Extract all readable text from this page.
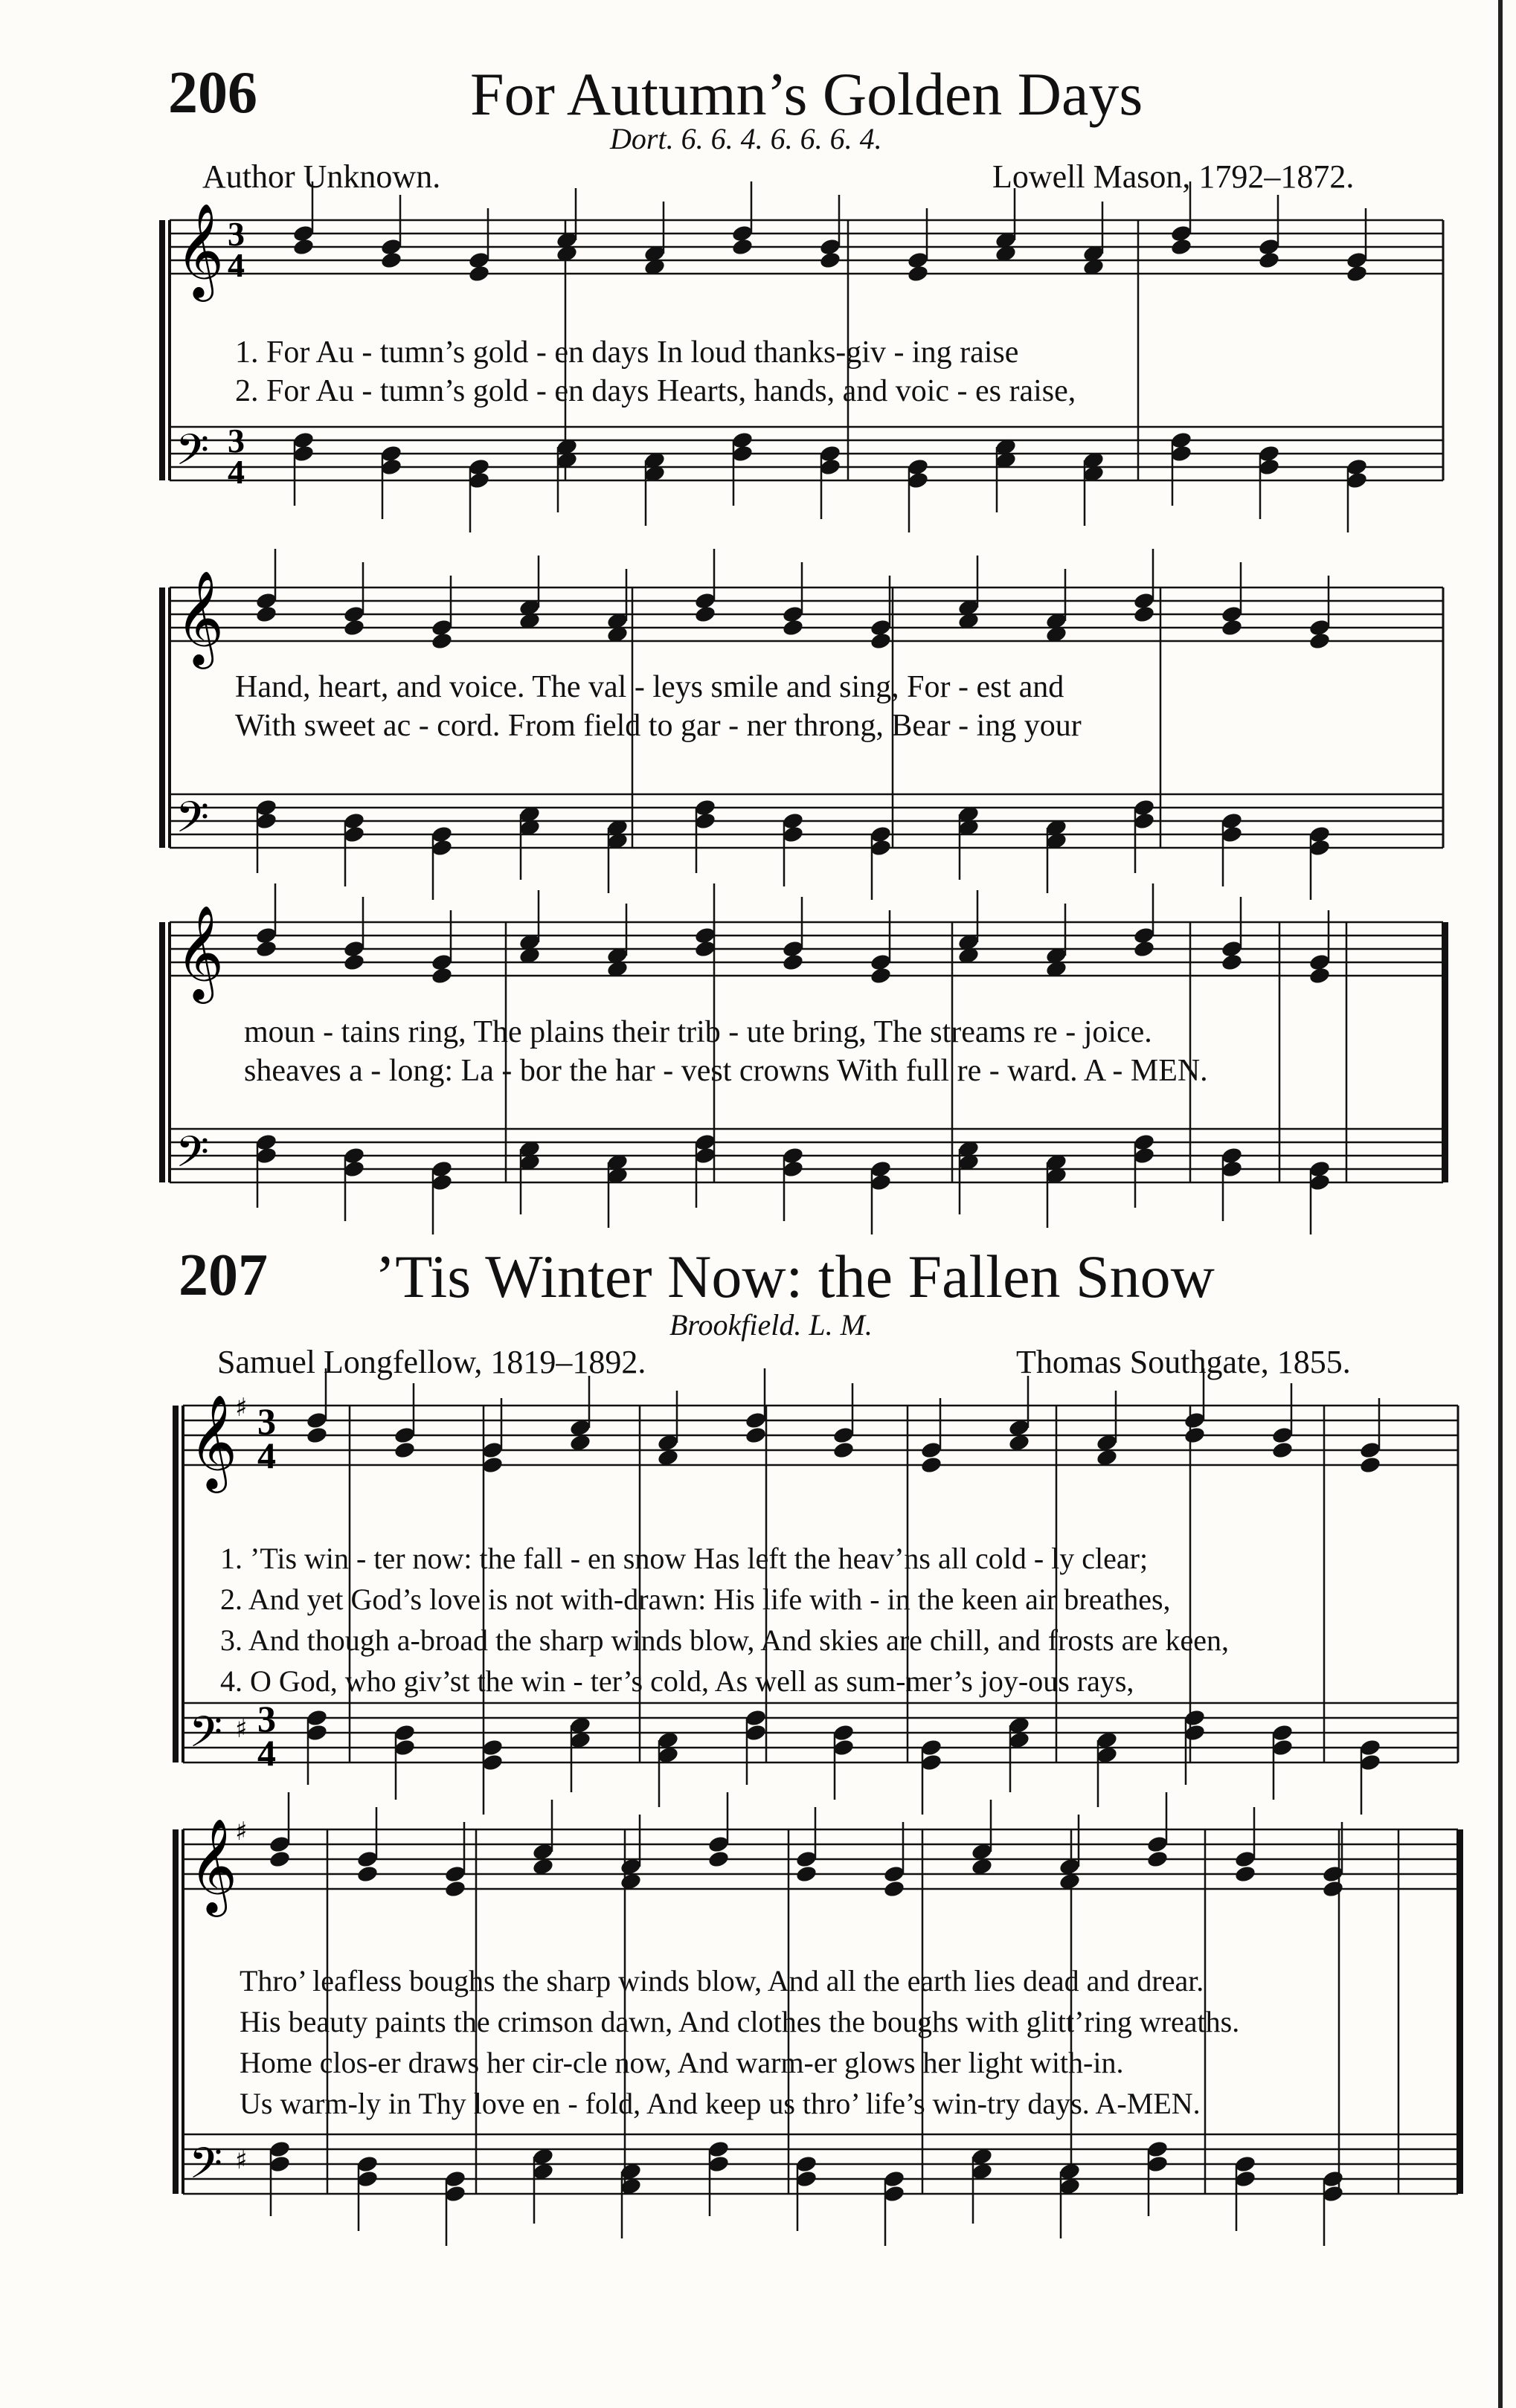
206	For Autumn’s Golden Days
Dort. 6. 6. 4. 6. 6. 6. 4.
Author Unknown.	Lowell Mason, 1792–1872.
𝄞 3
4
𝄢 3
4
1. For Au - tumn’s gold - en days In loud thanks-giv - ing raise
2. For Au - tumn’s gold - en days Hearts, hands, and voic - es raise,
𝄞
𝄢
Hand, heart, and voice. The val - leys smile and sing, For - est and
With sweet ac - cord. From field to gar - ner throng, Bear - ing your
𝄞
𝄢
moun - tains ring, The plains their trib - ute bring, The streams re - joice.
sheaves a - long: La - bor the har - vest crowns With full re - ward. A - MEN.
207 ’Tis Winter Now: the Fallen Snow
Brookfield. L. M.
Samuel Longfellow, 1819–1892.	Thomas Southgate, 1855.
𝄞
♯ 3
4
𝄢 ♯ 3
4
1. ’Tis win - ter now: the fall - en snow Has left the heav’ns all cold - ly clear;
2. And yet God’s love is not with-drawn: His life with - in the keen air breathes,
3. And though a-broad the sharp winds blow, And skies are chill, and frosts are keen,
4. O God, who giv’st the win - ter’s cold, As well as sum-mer’s joy-ous rays,
𝄞
♯
𝄢 ♯
Thro’ leafless boughs the sharp winds blow, And all the earth lies dead and drear.
His beauty paints the crimson dawn, And clothes the boughs with glitt’ring wreaths.
Home clos-er draws her cir-cle now, And warm-er glows her light with-in.
Us warm-ly in Thy love en - fold, And keep us thro’ life’s win-try days. A-MEN.
